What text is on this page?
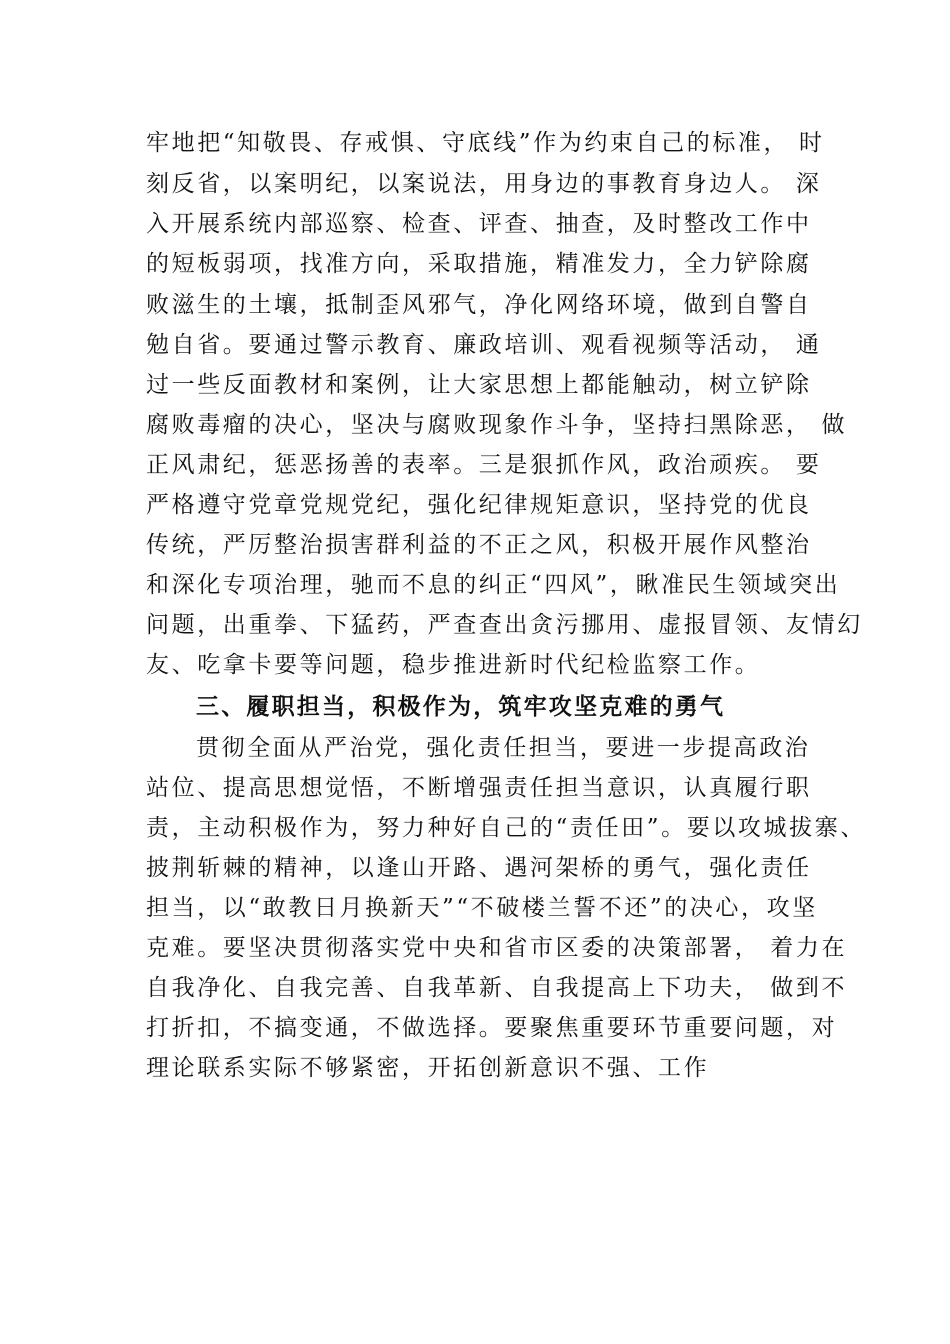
牢地把“知敬畏、存戒惧、守底线”作为约束自己的标准， 时
刻反省，以案明纪，以案说法，用身边的事教育身边人。 深
入开展系统内部巡察、检查、评查、抽查，及时整改工作中
的短板弱项，找准方向，采取措施，精准发力，全力铲除腐
败滋生的土壤，抵制歪风邪气，净化网络环境，做到自警自
勉自省。要通过警示教育、廉政培训、观看视频等活动， 通
过一些反面教材和案例，让大家思想上都能触动，树立铲除
腐败毒瘤的决心，坚决与腐败现象作斗争，坚持扫黑除恶， 做
正风肃纪，惩恶扬善的表率。三是狠抓作风，政治顽疾。 要
严格遵守党章党规党纪，强化纪律规矩意识，坚持党的优良
传统，严厉整治损害群利益的不正之风，积极开展作风整治
和深化专项治理，驰而不息的纠正“四风”，瞅准民生领域突出
问题，出重拳、下猛药，严查查出贪污挪用、虚报冒领、友情幻
友、吃拿卡要等问题，稳步推进新时代纪检监察工作。
三、履职担当，积极作为，筑牢攻坚克难的勇气
贯彻全面从严治党，强化责任担当，要进一步提高政治
站位、提高思想觉悟，不断增强责任担当意识，认真履行职
责，主动积极作为，努力种好自己的“责任田”。要以攻城拔寨、
披荆斩棘的精神，以逢山开路、遇河架桥的勇气，强化责任
担当，以“敢教日月换新天”“不破楼兰誓不还”的决心，攻坚
克难。要坚决贯彻落实党中央和省市区委的决策部署， 着力在
自我净化、自我完善、自我革新、自我提高上下功夫， 做到不
打折扣，不搞变通，不做选择。要聚焦重要环节重要问题，对
理论联系实际不够紧密，开拓创新意识不强、工作
